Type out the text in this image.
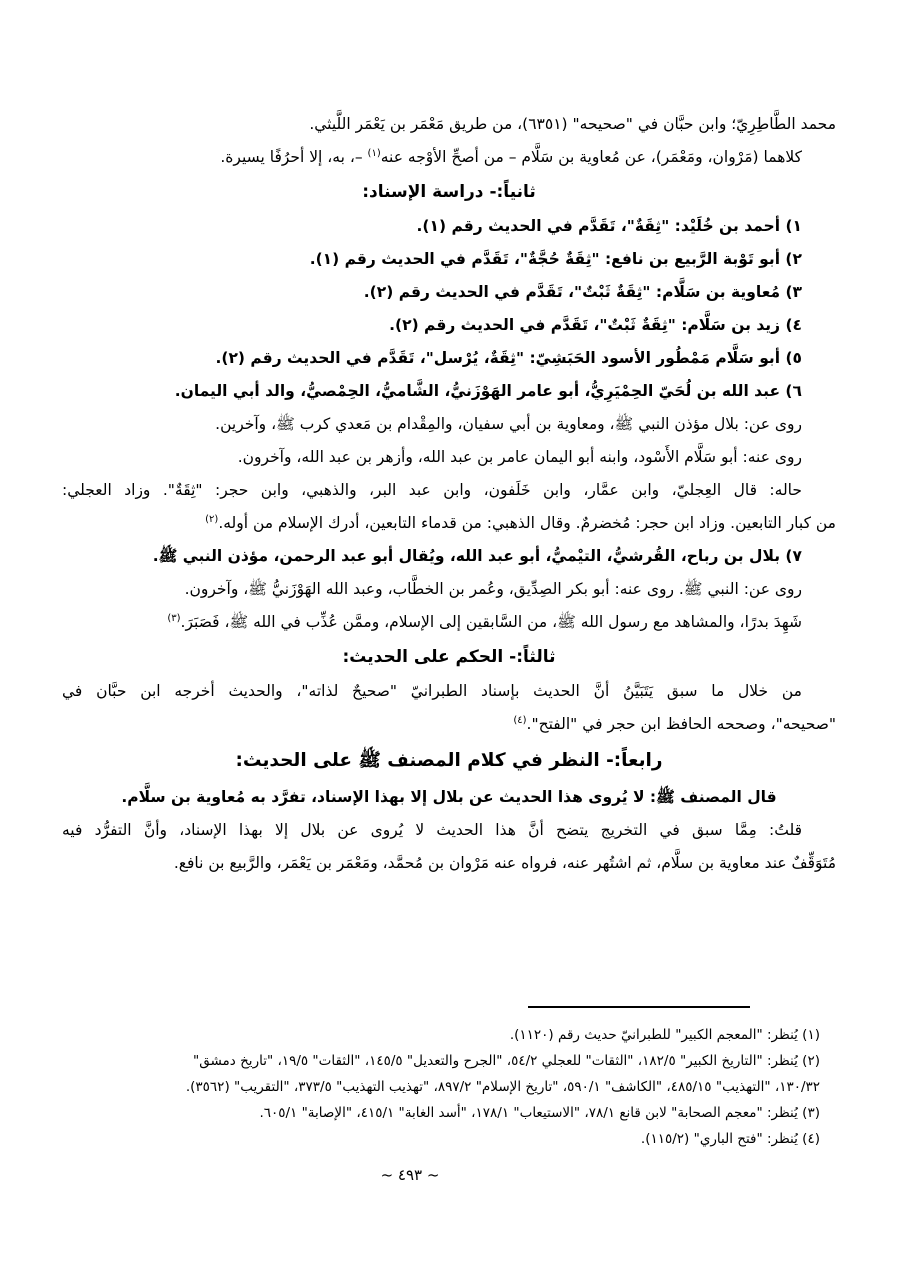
محمد الطَّاطِرِيّ؛ وابن حبَّان في "صحيحه" (٦٣٥١)، من طريق مَعْمَر بن يَعْمَر اللَّيثي.
كلاهما (مَرْوان، ومَعْمَر)، عن مُعاوية بن سَلَّام – من أصحِّ الأوْجه عنه$^{(١)}$ –، به، إلا أحرُفًا يسيرة.
ثانياً:- دراسة الإسناد:
١) أحمد بن خُلَيْد: "ثِقَةٌ"، تَقَدَّم في الحديث رقم (١).
٢) أبو تَوْبة الرَّبيع بن نافع: "ثِقَةٌ حُجَّةٌ"، تَقَدَّم في الحديث رقم (١).
٣) مُعاوية بن سَلَّام: "ثِقَةٌ ثَبْتٌ"، تَقَدَّم في الحديث رقم (٢).
٤) زيد بن سَلَّام: "ثِقَةٌ ثَبْتٌ"، تَقَدَّم في الحديث رقم (٢).
٥) أبو سَلَّام مَمْطُور الأسود الحَبَشِيّ: "ثِقَةٌ، يُرْسل"، تَقَدَّم في الحديث رقم (٢).
٦) عبد الله بن لُحَيّ الحِمْيَرِيُّ، أبو عامر الهَوْزَنيُّ، الشَّاميُّ، الحِمْصيُّ، والد أبي اليمان.
روى عن: بلال مؤذن النبي ﷺ، ومعاوية بن أبي سفيان، والمِقْدام بن مَعدي كرب ﷺ، وآخرين.
روى عنه: أبو سَلَّام الأَسْود، وابنه أبو اليمان عامر بن عبد الله، وأزهر بن عبد الله، وآخرون.
حاله: قال العِجليّ، وابن عمَّار، وابن خَلَفون، وابن عبد البر، والذهبي، وابن حجر: "ثِقَةٌ". وزاد العجلي:
من كبار التابعين. وزاد ابن حجر: مُخضرمٌ. وقال الذهبي: من قدماء التابعين، أدرك الإسلام من أوله.$^{(٢)}$
٧) بلال بن رباح، القُرشيُّ، التيْميُّ، أبو عبد الله، ويُقال أبو عبد الرحمن، مؤذن النبي ﷺ.
روى عن: النبي ﷺ. روى عنه: أبو بكر الصِدِّيق، وعُمر بن الخطَّاب، وعبد الله الهَوْزَنيُّ ﷺ، وآخرون.
شَهِدَ بدرًا، والمشاهد مع رسول الله ﷺ، من السَّابقين إلى الإسلام، وممَّن عُذِّب في الله ﷺ، فَصَبَرَ.$^{(٣)}$
ثالثاً:- الحكم على الحديث:
من خلال ما سبق يَتَبَيَّنُ أنَّ الحديث بإسناد الطبرانيّ "صحيحٌ لذاته"، والحديث أخرجه ابن حبَّان في
"صحيحه"، وصححه الحافظ ابن حجر في "الفتح".$^{(٤)}$
رابعاً:- النظر في كلام المصنف ﷺ على الحديث:
قال المصنف ﷺ: لا يُروى هذا الحديث عن بلال إلا بهذا الإسناد، تفرَّد به مُعاوية بن سلَّام.
قلتُ: مِمَّا سبق في التخريج يتضح أنَّ هذا الحديث لا يُروى عن بلال إلا بهذا الإسناد، وأنَّ التفرُّد فيه
مُتَوَقِّفٌ عند معاوية بن سلَّام، ثم اشتُهر عنه، فرواه عنه مَرْوان بن مُحمَّد، ومَعْمَر بن يَعْمَر، والرَّبيع بن نافع.
(١) يُنظر: "المعجم الكبير" للطبرانيّ حديث رقم (١١٢٠).
(٢) يُنظر: "التاريخ الكبير" ١٨٢/٥، "الثقات" للعجلي ٥٤/٢، "الجرح والتعديل" ١٤٥/٥، "الثقات" ١٩/٥، "تاريخ دمشق"
١٣٠/٣٢، "التهذيب" ٤٨٥/١٥، "الكاشف" ٥٩٠/١، "تاريخ الإسلام" ٨٩٧/٢، "تهذيب التهذيب" ٣٧٣/٥، "التقريب" (٣٥٦٢).
(٣) يُنظر: "معجم الصحابة" لابن قانع ٧٨/١، "الاستيعاب" ١٧٨/١، "أسد الغابة" ٤١٥/١، "الإصابة" ٦٠٥/١.
(٤) يُنظر: "فتح الباري" (١١٥/٢).
~ ٤٩٣ ~
